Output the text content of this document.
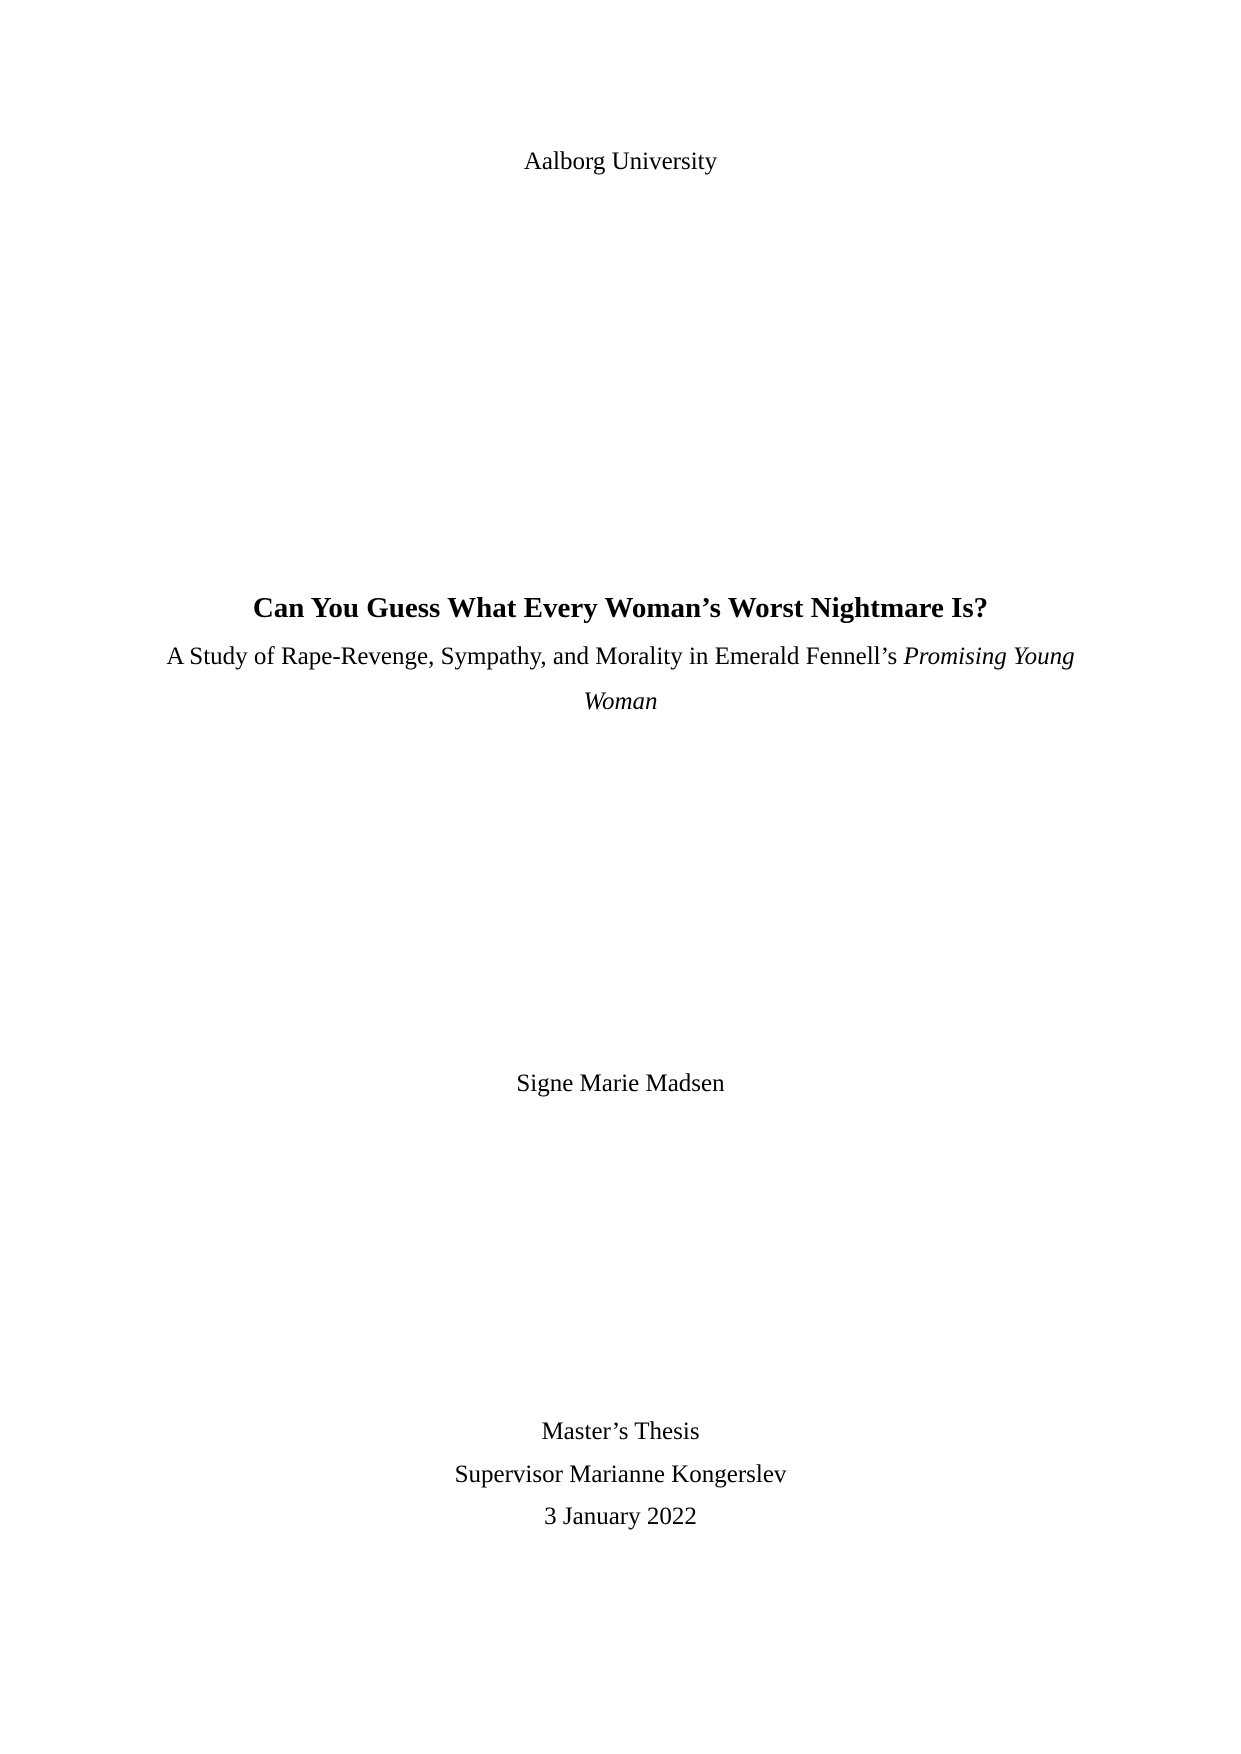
Aalborg University
Can You Guess What Every Woman’s Worst Nightmare Is?
A Study of Rape-Revenge, Sympathy, and Morality in Emerald Fennell’s Promising Young
Woman
Signe Marie Madsen
Master’s Thesis
Supervisor Marianne Kongerslev
3 January 2022
